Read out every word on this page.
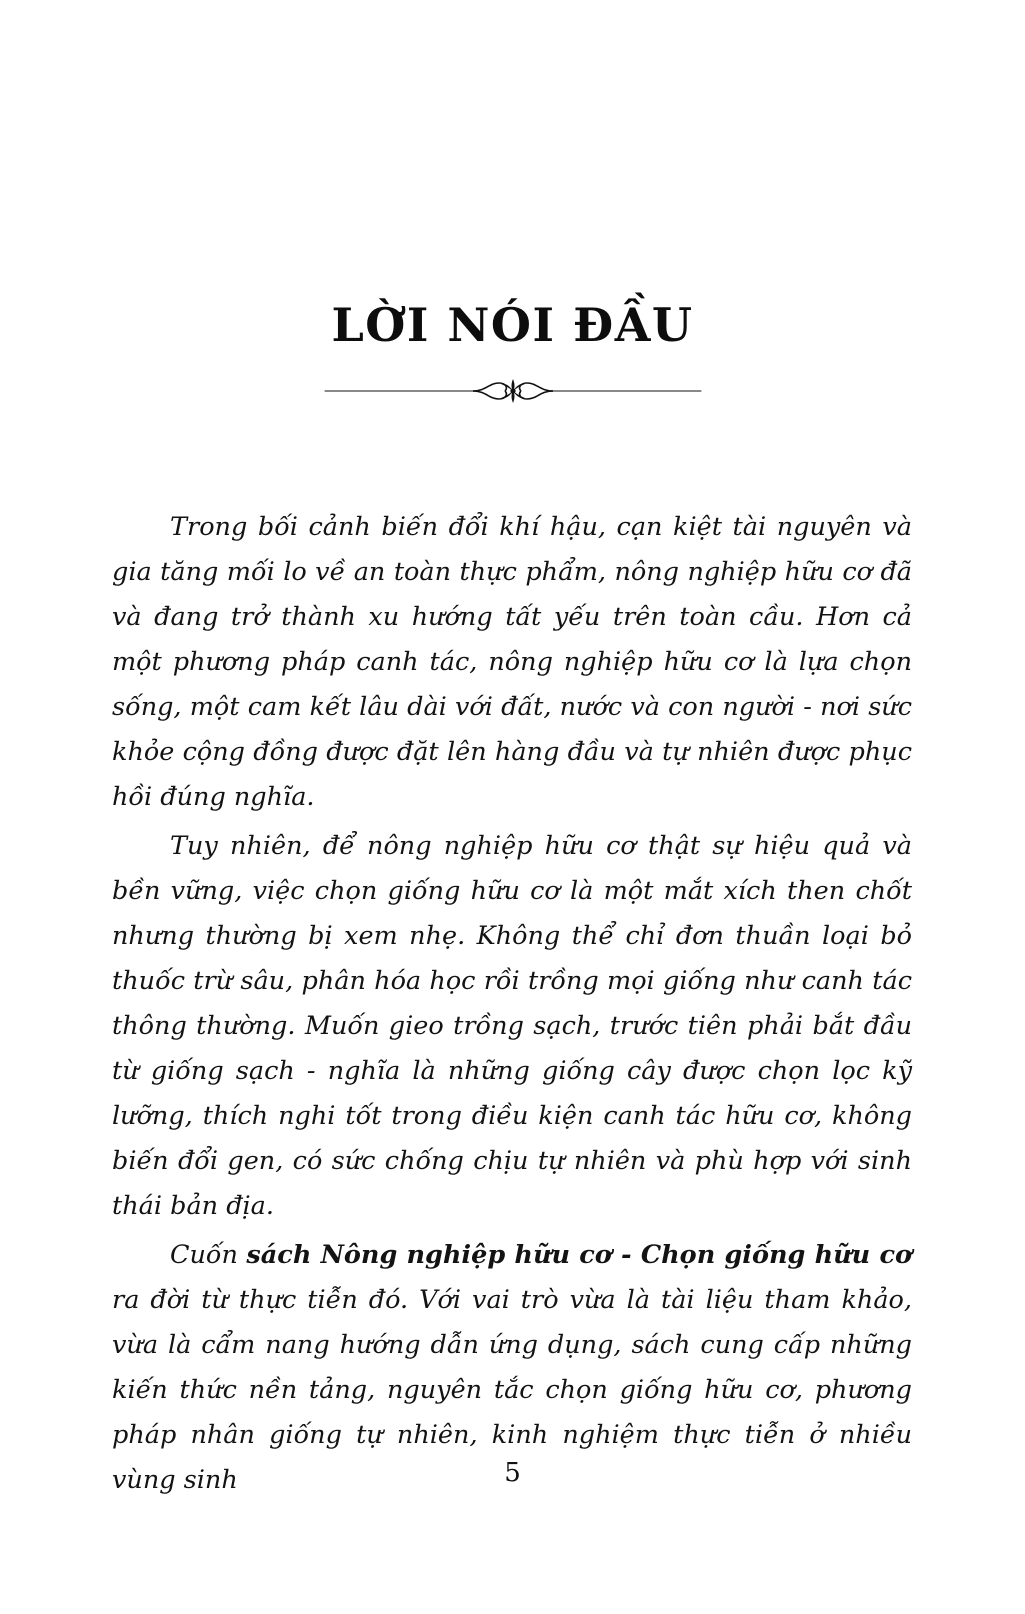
LỜI NÓI ĐẦU

Trong bối cảnh biến đổi khí hậu, cạn kiệt tài nguyên và gia tăng mối lo về an toàn thực phẩm, nông nghiệp hữu cơ đã và đang trở thành xu hướng tất yếu trên toàn cầu. Hơn cả một phương pháp canh tác, nông nghiệp hữu cơ là lựa chọn sống, một cam kết lâu dài với đất, nước và con người - nơi sức khỏe cộng đồng được đặt lên hàng đầu và tự nhiên được phục hồi đúng nghĩa.

Tuy nhiên, để nông nghiệp hữu cơ thật sự hiệu quả và bền vững, việc chọn giống hữu cơ là một mắt xích then chốt nhưng thường bị xem nhẹ. Không thể chỉ đơn thuần loại bỏ thuốc trừ sâu, phân hóa học rồi trồng mọi giống như canh tác thông thường. Muốn gieo trồng sạch, trước tiên phải bắt đầu từ giống sạch - nghĩa là những giống cây được chọn lọc kỹ lưỡng, thích nghi tốt trong điều kiện canh tác hữu cơ, không biến đổi gen, có sức chống chịu tự nhiên và phù hợp với sinh thái bản địa.

Cuốn sách Nông nghiệp hữu cơ - Chọn giống hữu cơ ra đời từ thực tiễn đó. Với vai trò vừa là tài liệu tham khảo, vừa là cẩm nang hướng dẫn ứng dụng, sách cung cấp những kiến thức nền tảng, nguyên tắc chọn giống hữu cơ, phương pháp nhân giống tự nhiên, kinh nghiệm thực tiễn ở nhiều vùng sinh	5
